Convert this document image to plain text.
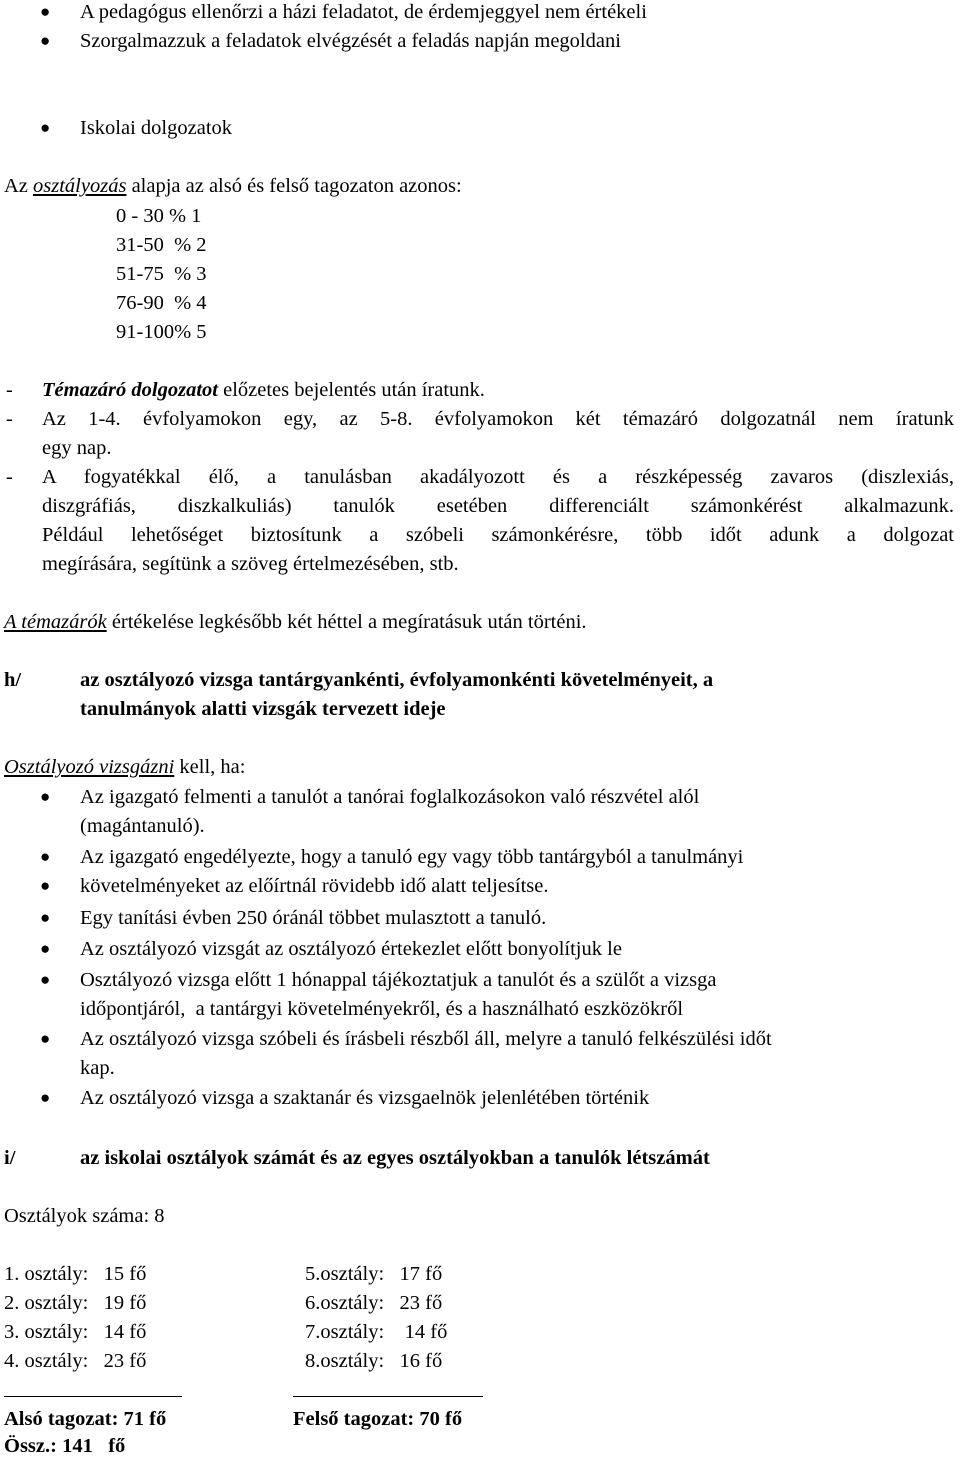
● A pedagógus ellenőrzi a házi feladatot, de érdemjeggyel nem értékeli
● Szorgalmazzuk a feladatok elvégzését a feladás napján megoldani
● Iskolai dolgozatok
Az osztályozás alapja az alsó és felső tagozaton azonos:
0 - 30 % 1
31-50  % 2
51-75  % 3
76-90  % 4
91-100% 5
- Témazáró dolgozatot előzetes bejelentés után íratunk.
- Az 1-4. évfolyamokon egy, az 5-8. évfolyamokon két témazáró dolgozatnál nem íratunk
egy nap.
- A fogyatékkal élő, a tanulásban akadályozott és a részképesség zavaros (diszlexiás,
diszgráfiás, diszkalkuliás) tanulók esetében differenciált számonkérést alkalmazunk.
Például lehetőséget biztosítunk a szóbeli számonkérésre, több időt adunk a dolgozat
megírására, segítünk a szöveg értelmezésében, stb.
A témazárók értékelése legkésőbb két héttel a megíratásuk után történi.
h/	az osztályozó vizsga tantárgyankénti, évfolyamonkénti követelményeit, a
tanulmányok alatti vizsgák tervezett ideje
Osztályozó vizsgázni kell, ha:
● Az igazgató felmenti a tanulót a tanórai foglalkozásokon való részvétel alól
(magántanuló).
● Az igazgató engedélyezte, hogy a tanuló egy vagy több tantárgyból a tanulmányi
● követelményeket az előírtnál rövidebb idő alatt teljesítse.
● Egy tanítási évben 250 óránál többet mulasztott a tanuló.
● Az osztályozó vizsgát az osztályozó értekezlet előtt bonyolítjuk le
● Osztályozó vizsga előtt 1 hónappal tájékoztatjuk a tanulót és a szülőt a vizsga
időpontjáról,  a tantárgyi követelményekről, és a használható eszközökről
● Az osztályozó vizsga szóbeli és írásbeli részből áll, melyre a tanuló felkészülési időt
kap.
● Az osztályozó vizsga a szaktanár és vizsgaelnök jelenlétében történik
i/	az iskolai osztályok számát és az egyes osztályokban a tanulók létszámát
Osztályok száma: 8
1. osztály:   15 fő
2. osztály:   19 fő
3. osztály:   14 fő
4. osztály:   23 fő
5.osztály:   17 fő
6.osztály:   23 fő
7.osztály:    14 fő
8.osztály:   16 fő
Alsó tagozat: 71 fő	Felső tagozat: 70 fő
Össz.: 141   fő
